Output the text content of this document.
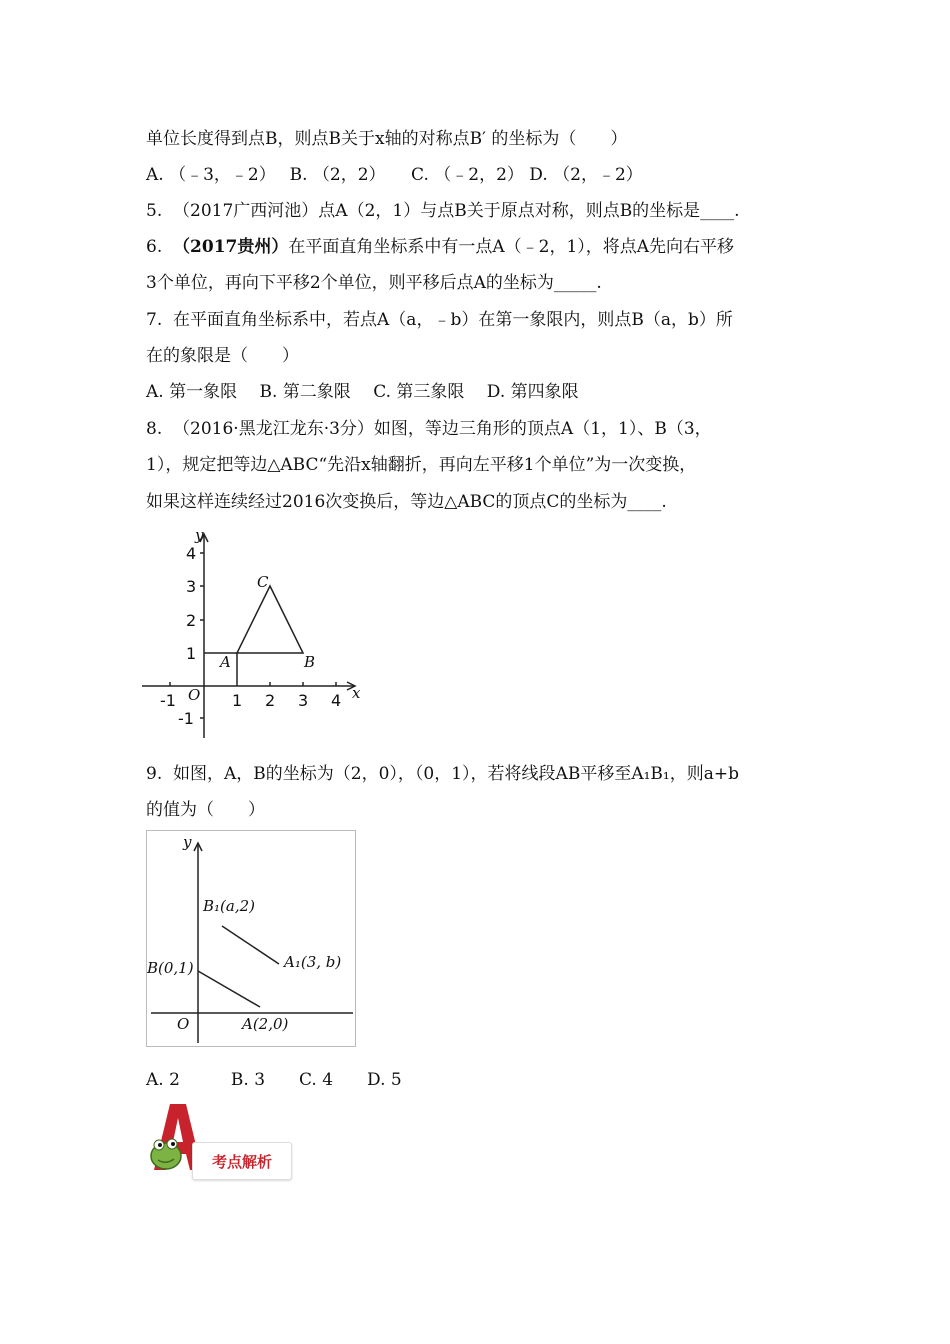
单位长度得到点B，则点B关于x轴的对称点B′ 的坐标为（　　）
A. （﹣3，﹣2）　 B. （2，2）　　C. （﹣2，2） D. （2，﹣2）
5.  （2017广西河池）点A（2，1）与点B关于原点对称，则点B的坐标是____.
6. （2017贵州）在平面直角坐标系中有一点A（﹣2，1），将点A先向右平移
3个单位，再向下平移2个单位，则平移后点A的坐标为_____.
7.  在平面直角坐标系中，若点A（a，﹣b）在第一象限内，则点B（a，b）所
在的象限是（　　）
A. 第一象限　 B. 第二象限　 C. 第三象限　 D. 第四象限
8.  （2016·黑龙江龙东·3分）如图，等边三角形的顶点A（1，1）、B（3，
1），规定把等边△ABC“先沿x轴翻折，再向左平移1个单位”为一次变换，
如果这样连续经过2016次变换后，等边△ABC的顶点C的坐标为____.
4
3
2
1
-1
-1	1 2 3 4
O	x
y
A	B
C
9.  如图，A，B的坐标为（2，0），（0，1），若将线段AB平移至A₁B₁，则a+b
的值为（　　）
y
O
B(0,1)
A(2,0)
B₁(a,2)
A₁(3, b)
A. 2　　　B. 3　　C. 4　　D. 5
考点解析
